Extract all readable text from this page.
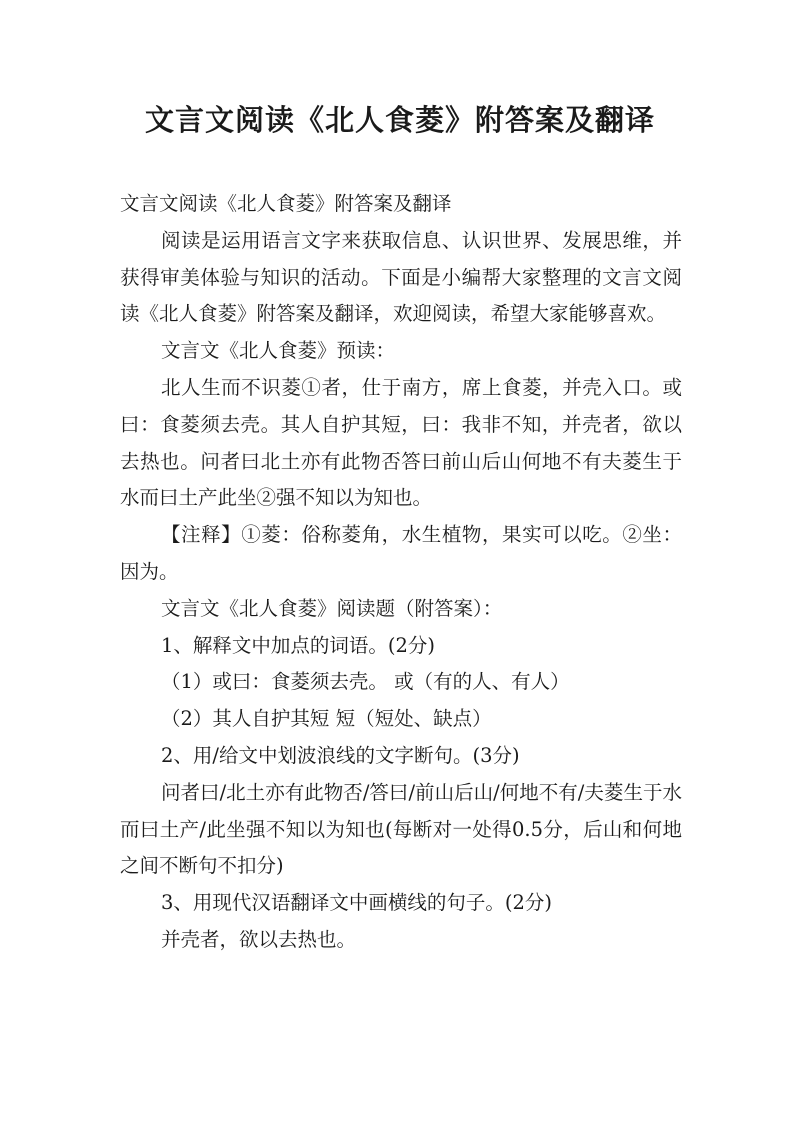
文言文阅读《北人食菱》附答案及翻译

文言文阅读《北人食菱》附答案及翻译

阅读是运用语言文字来获取信息、认识世界、发展思维，并获得审美体验与知识的活动。下面是小编帮大家整理的文言文阅读《北人食菱》附答案及翻译，欢迎阅读，希望大家能够喜欢。

文言文《北人食菱》预读：

北人生而不识菱①者，仕于南方，席上食菱，并壳入口。或曰：食菱须去壳。其人自护其短，曰：我非不知，并壳者，欲以去热也。问者曰北土亦有此物否答曰前山后山何地不有夫菱生于水而曰土产此坐②强不知以为知也。

【注释】①菱：俗称菱角，水生植物，果实可以吃。②坐：因为。

文言文《北人食菱》阅读题（附答案）：

1、解释文中加点的词语。(2分)

（1）或曰：食菱须去壳。 或（有的人、有人）

（2）其人自护其短 短（短处、缺点）

2、用/给文中划波浪线的文字断句。(3分)

问者曰/北土亦有此物否/答曰/前山后山/何地不有/夫菱生于水而曰土产/此坐强不知以为知也(每断对一处得0.5分，后山和何地之间不断句不扣分)

3、用现代汉语翻译文中画横线的句子。(2分)

并壳者，欲以去热也。
